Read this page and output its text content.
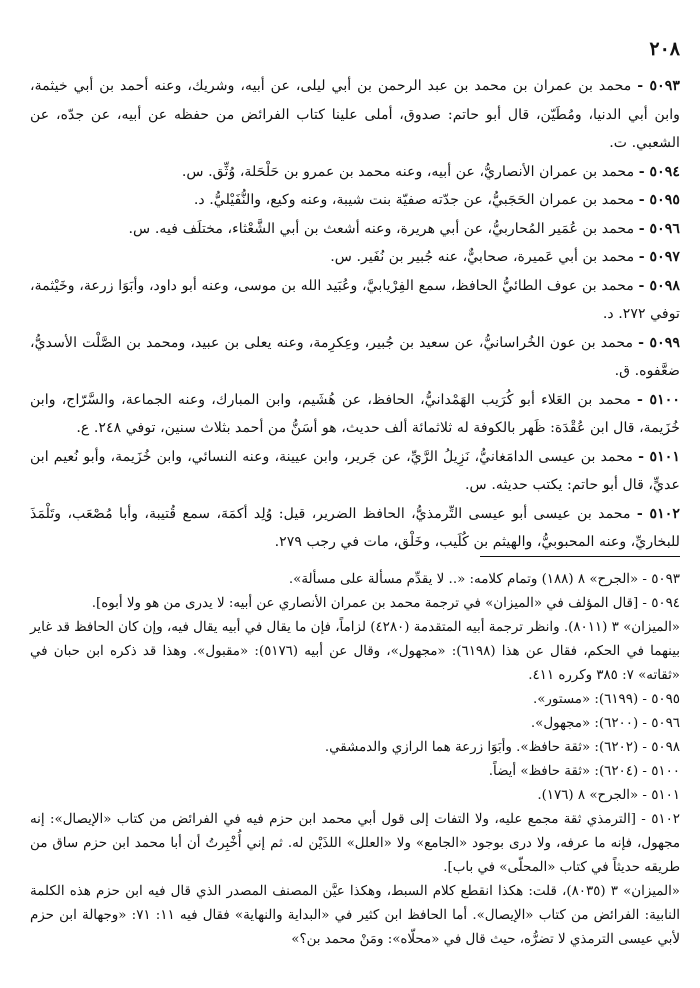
٢٠٨

٥٠٩٣ - محمد بن عمران بن محمد بن عبد الرحمن بن أبي ليلى، عن أبيه، وشريك، وعنه أحمد بن أبي خيثمة، وابن أبي الدنيا، ومُطَيّن، قال أبو حاتم: صدوق، أملى علينا كتاب الفرائض من حفظه عن أبيه، عن جدّه، عن الشعبي. ت.

٥٠٩٤ - محمد بن عمران الأنصاريُّ، عن أبيه، وعنه محمد بن عمرو بن حَلْحَلة، وُثِّق. س.

٥٠٩٥ - محمد بن عمران الحَجَبيُّ، عن جدّته صفيّة بنت شيبة، وعنه وكيع، والنُّفَيْليُّ. د.

٥٠٩٦ - محمد بن عُمَير المُحاربيُّ، عن أبي هريرة، وعنه أشعث بن أبي الشَّعْثاء، مختلَف فيه. س.

٥٠٩٧ - محمد بن أبي عَميرة، صحابيٌّ، عنه جُبير بن نُفَير. س.

٥٠٩٨ - محمد بن عوف الطائيُّ الحافظ، سمع الفِرْيابيَّ، وعُبَيد الله بن موسى، وعنه أبو داود، وأبَوَا زرعة، وخَيْثمة، توفي ٢٧٢. د.

٥٠٩٩ - محمد بن عون الخُراسانيُّ، عن سعيد بن جُبير، وعِكرِمة، وعنه يعلى بن عبيد، ومحمد بن الصَّلْت الأسديُّ، ضعَّفوه. ق.

٥١٠٠ - محمد بن العَلاء أبو كُرَيب الهَمْدانيُّ، الحافظ، عن هُشَيم، وابن المبارك، وعنه الجماعة، والسَّرّاج، وابن خُزَيمة، قال ابن عُقْدَة: ظَهر بالكوفة له ثلاثمائة ألف حديث، هو أسَنُّ من أحمد بثلاث سنين، توفي ٢٤٨. ع.

٥١٠١ - محمد بن عيسى الدامَغانيُّ، نَزِيلُ الرَّيِّ، عن جَرير، وابن عيينة، وعنه النسائي، وابن خُزَيمة، وأبو نُعيم ابن عديٍّ، قال أبو حاتم: يكتب حديثه. س.

٥١٠٢ - محمد بن عيسى أبو عيسى التِّرمذيُّ، الحافظ الضرير، قيل: وُلِد أكمَهَ، سمع قُتيبة، وأبا مُصْعَب، وتَلْمَذَ للبخاريِّ، وعنه المحبوبيُّ، والهيثم بن كُلَيب، وخَلْق، مات في رجب ٢٧٩.

٥٠٩٣ - «الجرح» ٨ (١٨٨) وتمام كلامه: «.. لا يقدِّم مسألة على مسألة».

٥٠٩٤ - [قال المؤلف في «الميزان» في ترجمة محمد بن عمران الأنصاري عن أبيه: لا يدرى من هو ولا أبوه].

«الميزان» ٣ (٨٠١١). وانظر ترجمة أبيه المتقدمة (٤٢٨٠) لزاماً، فإن ما يقال في أبيه يقال فيه، وإن كان الحافظ قد غاير بينهما في الحكم، فقال عن هذا (٦١٩٨): «مجهول»، وقال عن أبيه (٥١٧٦): «مقبول». وهذا قد ذكره ابن حبان في «ثقاته» ٧: ٣٨٥ وكرره ٤١١.

٥٠٩٥ - (٦١٩٩): «مستور».

٥٠٩٦ - (٦٢٠٠): «مجهول».

٥٠٩٨ - (٦٢٠٢): «ثقة حافظ». وأبَوَا زرعة هما الرازي والدمشقي.

٥١٠٠ - (٦٢٠٤): «ثقة حافظ» أيضاً.

٥١٠١ - «الجرح» ٨ (١٧٦).

٥١٠٢ - [الترمذي ثقة مجمع عليه، ولا التفات إلى قول أبي محمد ابن حزم فيه في الفرائض من كتاب «الإيصال»: إنه مجهول، فإنه ما عرفه، ولا درى بوجود «الجامع» ولا «العلل» اللذَيْن له. ثم إني أُخْبِرتُ أن أبا محمد ابن حزم ساق من طريقه حديثاً في كتاب «المحلّى» في باب].

«الميزان» ٣ (٨٠٣٥)، قلت: هكذا انقطع كلام السبط، وهكذا عيَّن المصنف المصدر الذي قال فيه ابن حزم هذه الكلمة النابية: الفرائض من كتاب «الإيصال». أما الحافظ ابن كثير في «البداية والنهاية» فقال فيه ١١: ٧١: «وجهالة ابن حزم لأبي عيسى الترمذي لا تضرُّه، حيث قال في «محلّاه»: ومَنْ محمد بن؟»
